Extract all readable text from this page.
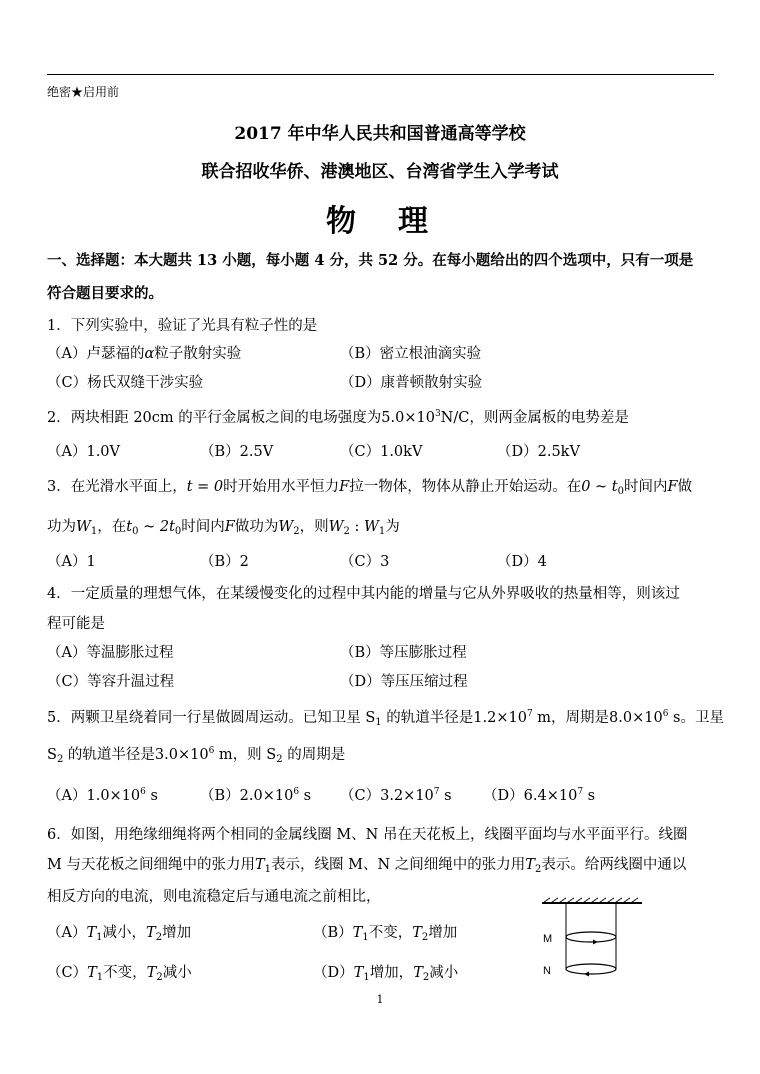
绝密★启用前
2017 年中华人民共和国普通高等学校
联合招收华侨、港澳地区、台湾省学生入学考试
物　理
一、选择题：本大题共 13 小题，每小题 4 分，共 52 分。在每小题给出的四个选项中，只有一项是
符合题目要求的。
1．下列实验中，验证了光具有粒子性的是
（A）卢瑟福的α粒子散射实验	（B）密立根油滴实验
（C）杨氏双缝干涉实验	（D）康普顿散射实验
2．两块相距 20cm 的平行金属板之间的电场强度为$5.0\times 10^3N/C$，则两金属板的电势差是
（A）1.0V	（B）2.5V	（C）1.0kV	（D）2.5kV
3．在光滑水平面上，t = 0时开始用水平恒力F拉一物体，物体从静止开始运动。在0 ~ $t_0$时间内F做
功为$W_1$，在$t_0$ ~ $2t_0$时间内F做功为$W_2$，则$W_2$ : $W_1$为
（A）1	（B）2	（C）3	（D）4
4．一定质量的理想气体，在某缓慢变化的过程中其内能的增量与它从外界吸收的热量相等，则该过
程可能是
（A）等温膨胀过程	（B）等压膨胀过程
（C）等容升温过程	（D）等压压缩过程
5．两颗卫星绕着同一行星做圆周运动。已知卫星 $S_1$ 的轨道半径是$1.2\times 10^7$ m，周期是$8.0\times 10^6$ s。卫星
$S_2$ 的轨道半径是$3.0\times 10^6$ m，则 $S_2$ 的周期是
$(A)1.0\times 10^6$ s	$(B)2.0\times 10^6$ s $(C)3.2\times 10^7$ s $(D)6.4\times 10^7$ s
6．如图，用绝缘细绳将两个相同的金属线圈 M、N 吊在天花板上，线圈平面均与水平面平行。线圈
M 与天花板之间细绳中的张力用$T_1$表示，线圈 M、N 之间细绳中的张力用$T_2$表示。给两线圈中通以
相反方向的电流，则电流稳定后与通电流之前相比，
$(A)T_1$减小，$T_2$增加	$(B)T_1$不变，$T_2$增加
$(C)T_1$不变，$T_2$减小	$(D)T_1$增加，$T_2$减小
M
N
1
